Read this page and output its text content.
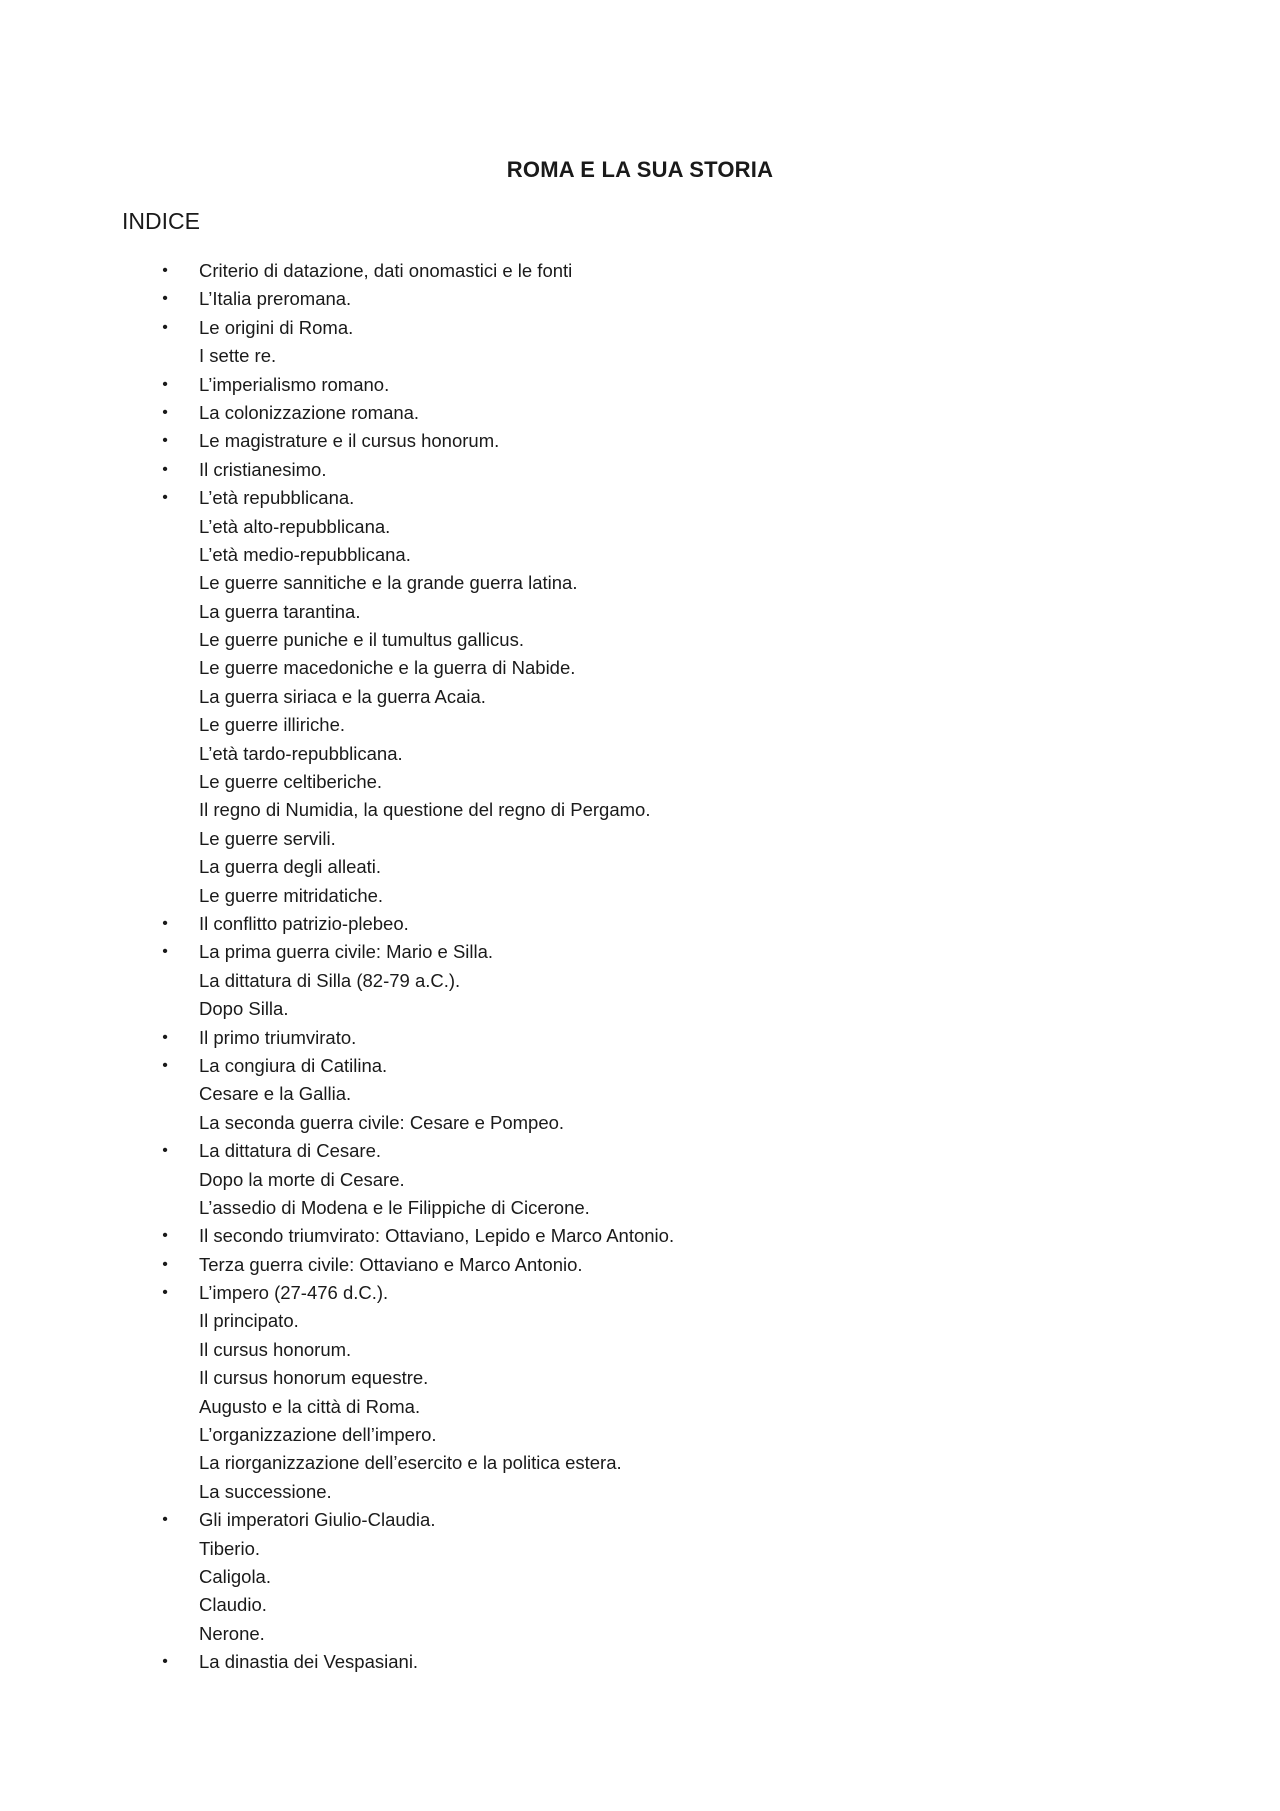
ROMA E LA SUA STORIA
INDICE
• Criterio di datazione, dati onomastici e le fonti
• L’Italia preromana.
• Le origini di Roma.
I sette re.
• L’imperialismo romano.
• La colonizzazione romana.
• Le magistrature e il cursus honorum.
• Il cristianesimo.
• L’età repubblicana.
L’età alto-repubblicana.
L’età medio-repubblicana.
Le guerre sannitiche e la grande guerra latina.
La guerra tarantina.
Le guerre puniche e il tumultus gallicus.
Le guerre macedoniche e la guerra di Nabide.
La guerra siriaca e la guerra Acaia.
Le guerre illiriche.
L’età tardo-repubblicana.
Le guerre celtiberiche.
Il regno di Numidia, la questione del regno di Pergamo.
Le guerre servili.
La guerra degli alleati.
Le guerre mitridatiche.
• Il conflitto patrizio-plebeo.
• La prima guerra civile: Mario e Silla.
La dittatura di Silla (82-79 a.C.).
Dopo Silla.
• Il primo triumvirato.
• La congiura di Catilina.
Cesare e la Gallia.
La seconda guerra civile: Cesare e Pompeo.
• La dittatura di Cesare.
Dopo la morte di Cesare.
L’assedio di Modena e le Filippiche di Cicerone.
• Il secondo triumvirato: Ottaviano, Lepido e Marco Antonio.
• Terza guerra civile: Ottaviano e Marco Antonio.
• L’impero (27-476 d.C.).
Il principato.
Il cursus honorum.
Il cursus honorum equestre.
Augusto e la città di Roma.
L’organizzazione dell’impero.
La riorganizzazione dell’esercito e la politica estera.
La successione.
• Gli imperatori Giulio-Claudia.
Tiberio.
Caligola.
Claudio.
Nerone.
• La dinastia dei Vespasiani.
